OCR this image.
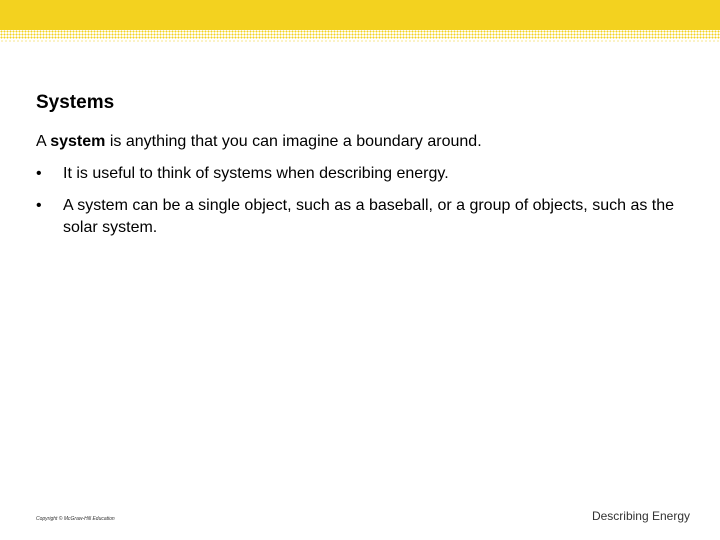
Systems
A system is anything that you can imagine a boundary around.
• It is useful to think of systems when describing energy.
• A system can be a single object, such as a baseball, or a group of objects, such as the solar system.
Copyright © McGraw-Hill Education	Describing Energy
